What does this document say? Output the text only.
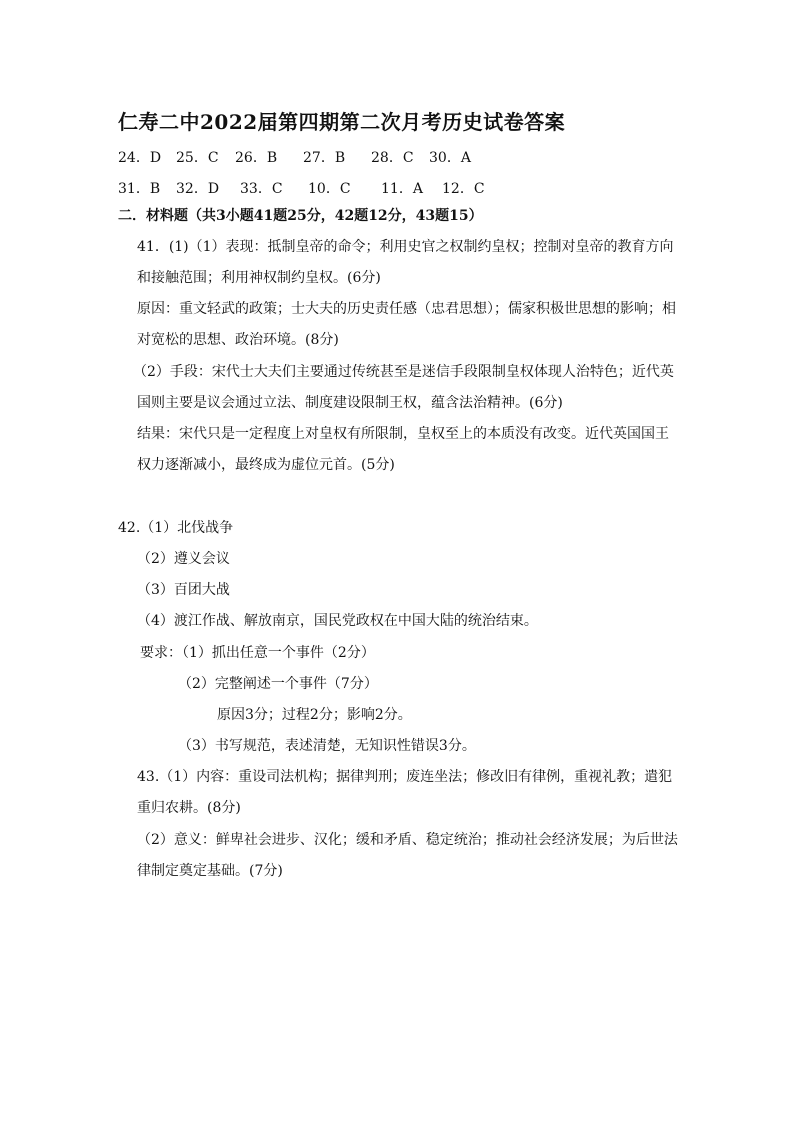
仁寿二中2022届第四期第二次月考历史试卷答案
24．D 25．C 26．B 27．B 28．C 30．A
31．B 32．D 33．C 10．C 11．A 12．C
二．材料题（共3小题41题25分，42题12分，43题15）
41．(1)（1）表现：抵制皇帝的命令；利用史官之权制约皇权；控制对皇帝的教育方向
和接触范围；利用神权制约皇权。(6分)
原因：重文轻武的政策；士大夫的历史责任感（忠君思想）；儒家积极世思想的影响；相
对宽松的思想、政治环境。(8分)
（2）手段：宋代士大夫们主要通过传统甚至是迷信手段限制皇权体现人治特色；近代英
国则主要是议会通过立法、制度建设限制王权，蕴含法治精神。(6分)
结果：宋代只是一定程度上对皇权有所限制，皇权至上的本质没有改变。近代英国国王
权力逐渐减小，最终成为虚位元首。(5分)
42.（1）北伐战争
（2）遵义会议
（3）百团大战
（4）渡江作战、解放南京，国民党政权在中国大陆的统治结束。
要求：（1）抓出任意一个事件（2分）
（2）完整阐述一个事件（7分）
原因3分；过程2分；影响2分。
（3）书写规范，表述清楚，无知识性错误3分。
43.（1）内容：重设司法机构；据律判刑；废连坐法；修改旧有律例，重视礼教；遣犯
重归农耕。(8分)
（2）意义：鲜卑社会进步、汉化；缓和矛盾、稳定统治；推动社会经济发展；为后世法
律制定奠定基础。(7分)
